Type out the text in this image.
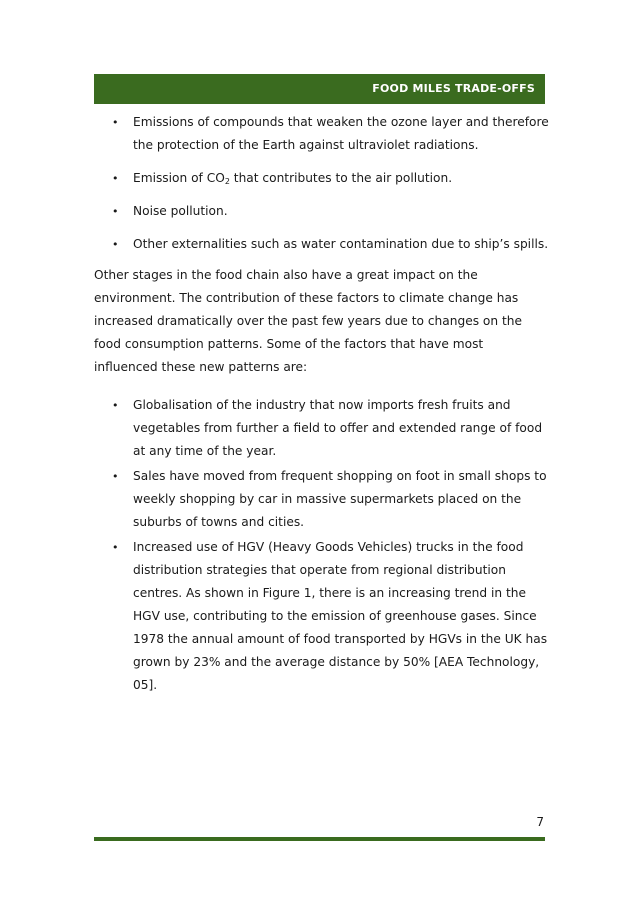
FOOD MILES TRADE-OFFS
• Emissions of compounds that weaken the ozone layer and therefore the protection of the Earth against ultraviolet radiations.
• Emission of $CO_2$ that contributes to the air pollution.
• Noise pollution.
• Other externalities such as water contamination due to ship’s spills.

Other stages in the food chain also have a great impact on the environment. The contribution of these factors to climate change has increased dramatically over the past few years due to changes on the food consumption patterns. Some of the factors that have most influenced these new patterns are:

• Globalisation of the industry that now imports fresh fruits and vegetables from further a field to offer and extended range of food at any time of the year.
• Sales have moved from frequent shopping on foot in small shops to weekly shopping by car in massive supermarkets placed on the suburbs of towns and cities.
• Increased use of HGV (Heavy Goods Vehicles) trucks in the food distribution strategies that operate from regional distribution centres. As shown in Figure 1, there is an increasing trend in the HGV use, contributing to the emission of greenhouse gases. Since 1978 the annual amount of food transported by HGVs in the UK has grown by 23% and the average distance by 50% [AEA Technology, 05].
7
